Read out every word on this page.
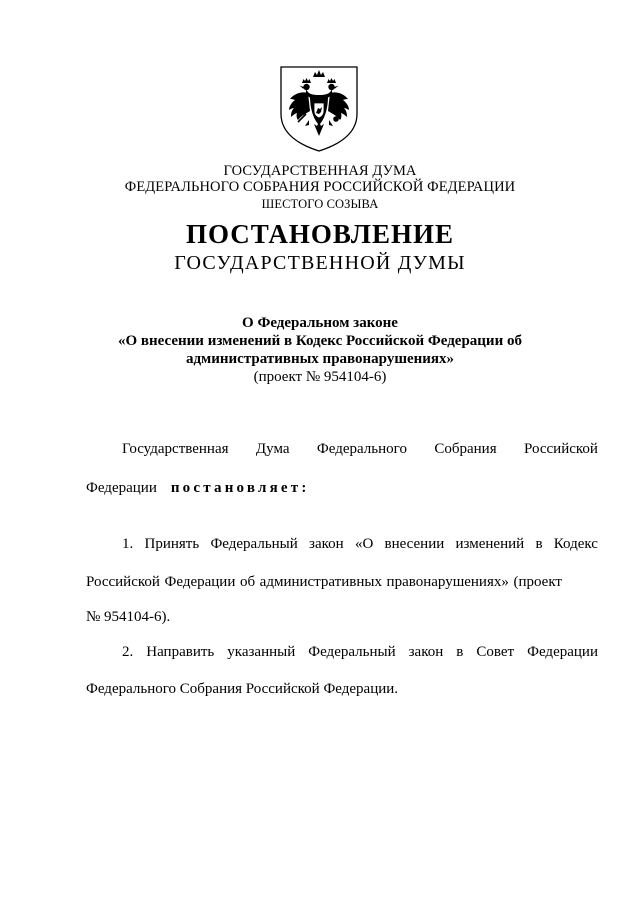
ГОСУДАРСТВЕННАЯ ДУМА
ФЕДЕРАЛЬНОГО СОБРАНИЯ РОССИЙСКОЙ ФЕДЕРАЦИИ
ШЕСТОГО СОЗЫВА
ПОСТАНОВЛЕНИЕ
ГОСУДАРСТВЕННОЙ ДУМЫ
О Федеральном законе
«О внесении изменений в Кодекс Российской Федерации об
административных правонарушениях»
(проект № 954104-6)
Государственная Дума Федерального Собрания Российской
Федерации постановляет:
1. Принять Федеральный закон «О внесении изменений в Кодекс
Российской Федерации об административных правонарушениях» (проект
№ 954104-6).
2. Направить указанный Федеральный закон в Совет Федерации
Федерального Собрания Российской Федерации.
